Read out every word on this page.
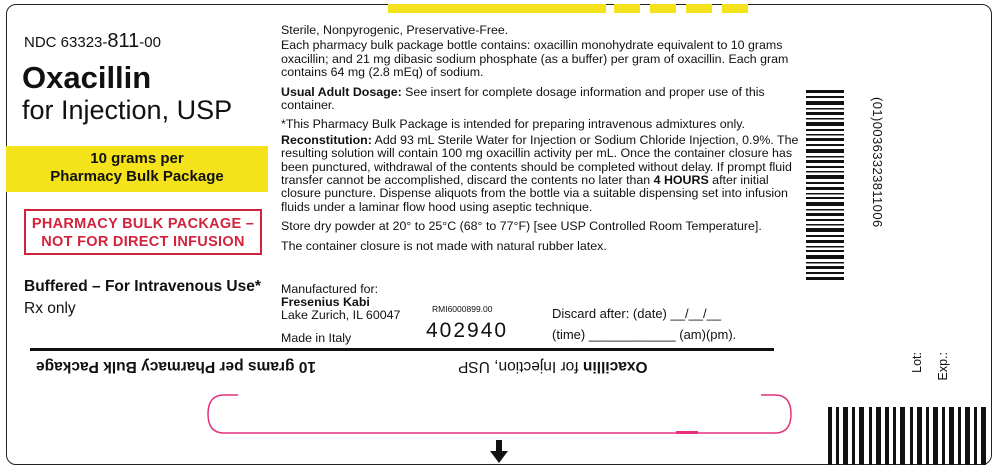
NDC 63323-811-00
Oxacillin
for Injection, USP
10 grams per
Pharmacy Bulk Package
PHARMACY BULK PACKAGE –
NOT FOR DIRECT INFUSION
Buffered – For Intravenous Use*
Rx only

Sterile, Nonpyrogenic, Preservative-Free.

Each pharmacy bulk package bottle contains: oxacillin monohydrate equivalent to 10 grams oxacillin; and 21 mg dibasic sodium phosphate (as a buffer) per gram of oxacillin. Each gram contains 64 mg (2.8 mEq) of sodium.

Usual Adult Dosage: See insert for complete dosage information and proper use of this container.

*This Pharmacy Bulk Package is intended for preparing intravenous admixtures only.

Reconstitution: Add 93 mL Sterile Water for Injection or Sodium Chloride Injection, 0.9%. The resulting solution will contain 100 mg oxacillin activity per mL. Once the container closure has been punctured, withdrawal of the contents should be completed without delay. If prompt fluid transfer cannot be accomplished, discard the contents no later than 4 HOURS after initial closure puncture. Dispense aliquots from the bottle via a suitable dispensing set into infusion fluids under a laminar flow hood using aseptic technique.

Store dry powder at 20° to 25°C (68° to 77°F) [see USP Controlled Room Temperature].

The container closure is not made with natural rubber latex.

Manufactured for:
Fresenius Kabi
Lake Zurich, IL 60047
Made in Italy
RMI6000899.00
402940
Discard after: (date) __/__/__
(time) ____________ (am)(pm).
10 grams per Pharmacy Bulk Package	Oxacillin for Injection, USP
(01)00363323811006
Lot: Exp.:
